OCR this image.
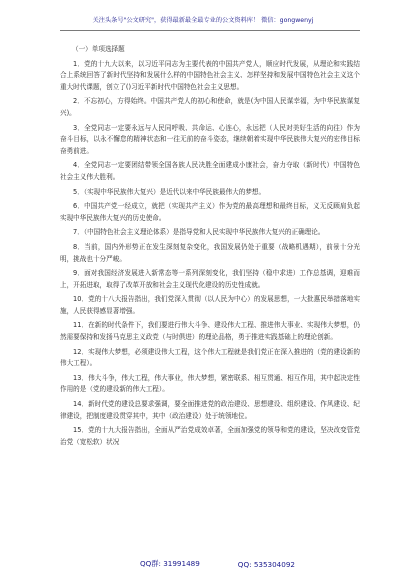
关注头条号"公文研究"，获得最新最全最专业的公文资料库！ 微信：gongwenyj
（一）单项选择题

1．党的十九大以来，以习近平同志为主要代表的中国共产党人，顺应时代发展，从理论和实践结合上系统回答了新时代坚持和发展什么样的中国特色社会主义、怎样坚持和发展中国特色社会主义这个重大时代课题，创立了()习近平新时代中国特色社会主义思想。

2．不忘初心，方得始终。中国共产党人的初心和使命，就是(为中国人民谋幸福，为中华民族谋复兴)。

3．全党同志一定要永远与人民同呼吸、共命运、心连心，永远把（人民对美好生活的向往）作为奋斗目标，以永不懈怠的精神状态和一往无前的奋斗姿态，继续朝着实现中华民族伟大复兴的宏伟目标奋勇前进。

4．全党同志一定要团结带领全国各族人民决胜全面建成小康社会，奋力夺取（新时代）中国特色社会主义伟大胜利。

5．（实现中华民族伟大复兴）是近代以来中华民族最伟大的梦想。

6．中国共产党一经成立，就把（实现共产主义）作为党的最高理想和最终目标，义无反顾肩负起实现中华民族伟大复兴的历史使命。

7．（中国特色社会主义理论体系）是指导党和人民实现中华民族伟大复兴的正确理论。

8．当前，国内外形势正在发生深刻复杂变化，我国发展仍处于重要（战略机遇期），前景十分光明，挑战也十分严峻。

9．面对我国经济发展进入新常态等一系列深刻变化，我们坚持（稳中求进）工作总基调，迎难而上，开拓进取，取得了改革开放和社会主义现代化建设的历史性成就。

10．党的十八大报告指出，我们党深入贯彻（以人民为中心）的发展思想，一大批惠民举措落地实施，人民获得感显著增强。

11．在新的时代条件下，我们要进行伟大斗争、建设伟大工程、推进伟大事业、实现伟大梦想，仍然需要保持和发扬马克思主义政党（与时俱进）的理论品格，勇于推进实践基础上的理论创新。

12．实现伟大梦想，必须建设伟大工程，这个伟大工程就是我们党正在深入推进的（党的建设新的伟大工程）。

13．伟大斗争，伟大工程，伟大事业，伟大梦想，紧密联系、相互贯通、相互作用，其中起决定性作用的是（党的建设新的伟大工程）。

14．新时代党的建设总要求强调，要全面推进党的政治建设、思想建设、组织建设、作风建设、纪律建设，把制度建设贯穿其中，其中（政治建设）处于统领地位。

15．党的十九大报告指出，全面从严治党成效卓著，全面加强党的领导和党的建设，坚决改变管党治党（宽松软）状况

QQ群: 31991489	QQ: 535304092
